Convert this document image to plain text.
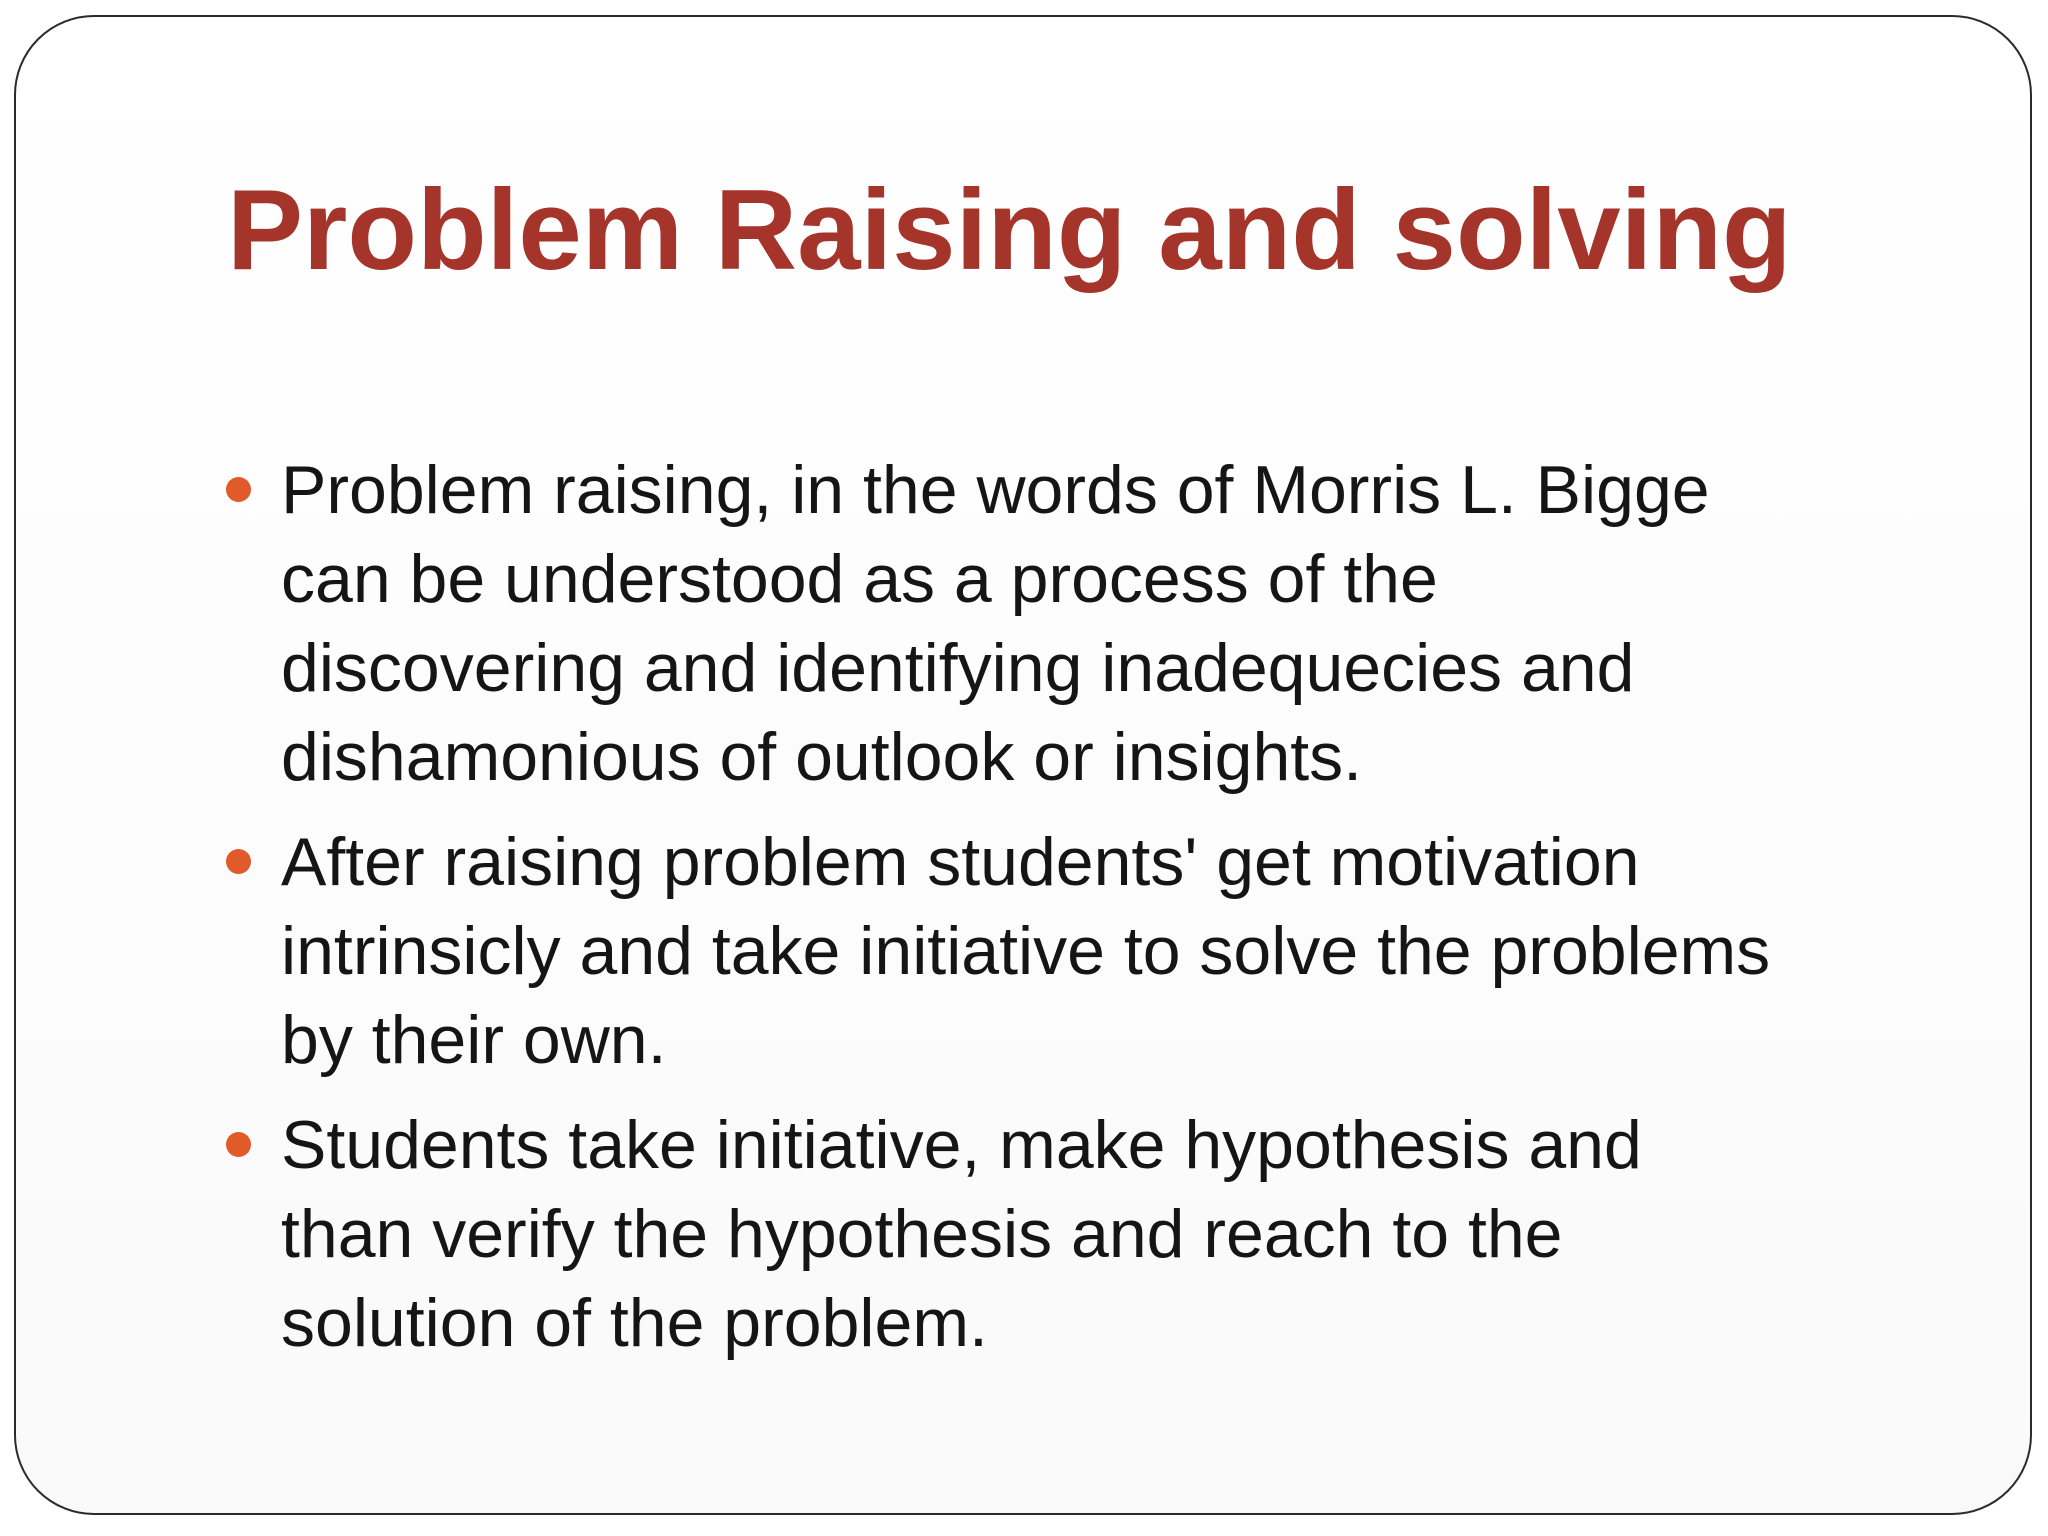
Problem Raising and solving
Problem raising, in the words of Morris L. Bigge
can be understood as a process of the
discovering and identifying inadequecies and
dishamonious of outlook or insights.
After raising problem students' get motivation
intrinsicly and take initiative to solve the problems
by their own.
Students take initiative, make hypothesis and
than verify the hypothesis and reach to the
solution of the problem.
